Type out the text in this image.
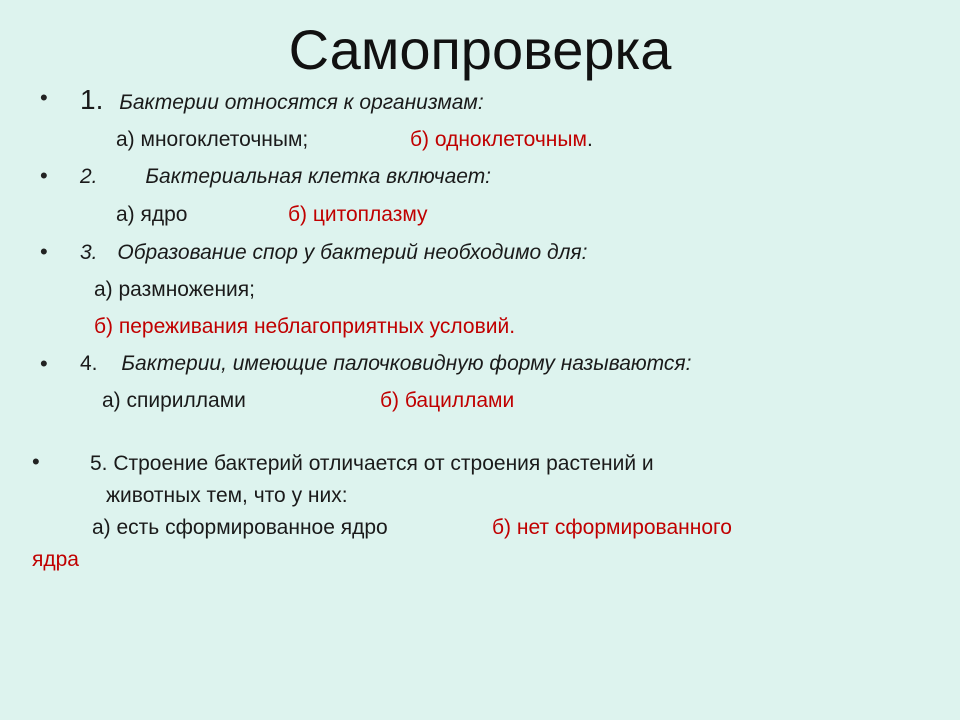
Самопроверка
• 1. Бактерии относятся к организмам:
а) многоклеточным;	б) одноклеточным.
• 2. Бактериальная клетка включает:
а) ядро	б) цитоплазму
• 3. Образование спор у бактерий необходимо для:
а) размножения;
б) переживания неблагоприятных условий.
• 4. Бактерии, имеющие палочковидную форму называются:
а) спириллами	б) бациллами
• 5. Строение бактерий отличается от строения растений и
животных тем, что у них:
а) есть сформированное ядро	б) нет сформированного
ядра
